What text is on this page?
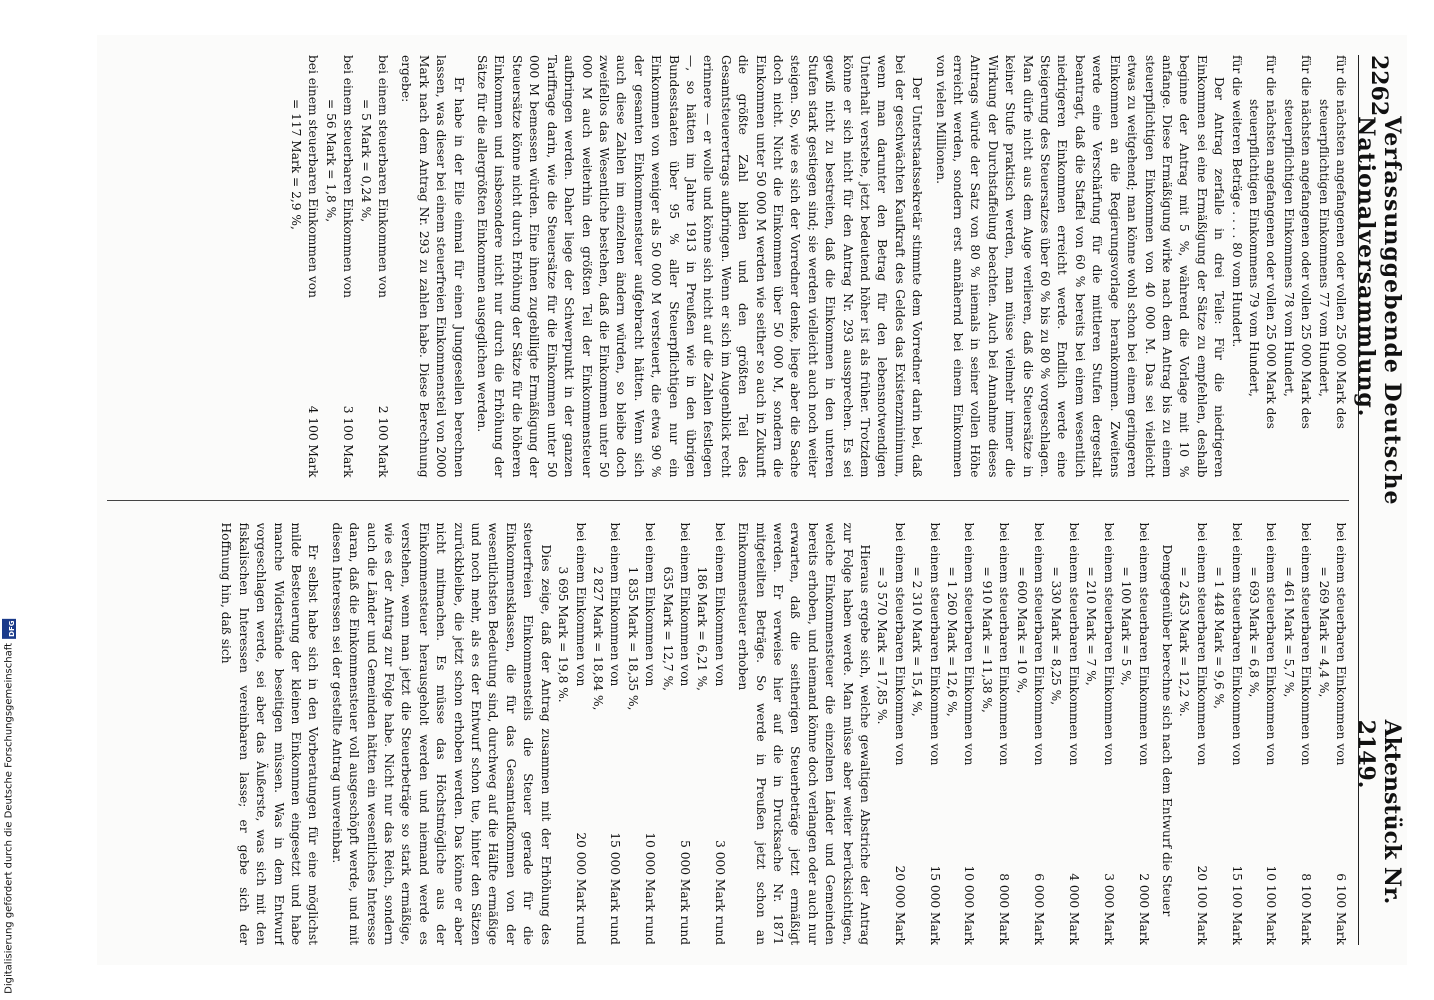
2262
Verfassunggebende Deutsche Nationalversammlung.
Aktenstück Nr. 2149.
für die nächsten angefangenen oder vollen 25 000 Mark des
steuerpflichtigen Einkommens 77 vom Hundert,
für die nächsten angefangenen oder vollen 25 000 Mark des
steuerpflichtigen Einkommens 78 vom Hundert,
für die nächsten angefangenen oder vollen 25 000 Mark des
steuerpflichtigen Einkommens 79 vom Hundert,
für die weiteren Beträge . . . . 80 vom Hundert.

Der Antrag zerfalle in drei Teile: Für die niedrigeren Einkommen sei eine Ermäßigung der Sätze zu empfehlen, deshalb beginne der Antrag mit 5 %, während die Vorlage mit 10 % anfange. Diese Ermäßigung wirke nach dem Antrag bis zu einem steuerpflichtigen Einkommen von 40 000 M. Das sei vielleicht etwas zu weitgehend; man könne wohl schon bei einem geringeren Einkommen an die Regierungsvorlage herankommen. Zweitens werde eine Verschärfung für die mittleren Stufen dergestalt beantragt, daß die Staffel von 60 % bereits bei einem wesentlich niedrigeren Einkommen erreicht werde. Endlich werde eine Steigerung des Steuersatzes über 60 % bis zu 80 % vorgeschlagen. Man dürfe nicht aus dem Auge verlieren, daß die Steuersätze in keiner Stufe praktisch werden, man müsse vielmehr immer die Wirkung der Durchstaffelung beachten. Auch bei Annahme dieses Antrags würde der Satz von 80 % niemals in seiner vollen Höhe erreicht werden, sondern erst annähernd bei einem Einkommen von vielen Millionen.

Der Unterstaatssekretär stimmte dem Vorredner darin bei, daß bei der geschwächten Kaufkraft des Geldes das Existenzminimum, wenn man darunter den Betrag für den lebensnotwendigen Unterhalt verstehe, jetzt bedeutend höher ist als früher. Trotzdem könne er sich nicht für den Antrag Nr. 293 aussprechen. Es sei gewiß nicht zu bestreiten, daß die Einkommen in den unteren Stufen stark gestiegen sind; sie werden vielleicht auch noch weiter steigen. So, wie es sich der Vorredner denke, liege aber die Sache doch nicht. Nicht die Einkommen über 50 000 M, sondern die Einkommen unter 50 000 M werden wie seither so auch in Zukunft die größte Zahl bilden und den größten Teil des Gesamtsteuerertrags aufbringen. Wenn er sich im Augenblick recht erinnere — er wolle und könne sich nicht auf die Zahlen festlegen —, so hätten im Jahre 1913 in Preußen wie in den übrigen Bundesstaaten über 95 % aller Steuerpflichtigen nur ein Einkommen von weniger als 50 000 M versteuert, die etwa 90 % der gesamten Einkommensteuer aufgebracht hätten. Wenn sich auch diese Zahlen im einzelnen ändern würden, so bleibe doch zweifellos das Wesentliche bestehen, daß die Einkommen unter 50 000 M auch weiterhin den größten Teil der Einkommensteuer aufbringen werden. Daher liege der Schwerpunkt in der ganzen Tariffrage darin, wie die Steuersätze für die Einkommen unter 50 000 M bemessen würden. Eine ihnen zugebilligte Ermäßigung der Steuersätze könne nicht durch Erhöhung der Sätze für die höheren Einkommen und insbesondere nicht nur durch die Erhöhung der Sätze für die allergrößten Einkommen ausgeglichen werden.

Er habe in der Eile einmal für einen Junggesellen berechnen lassen, was dieser bei einem steuerfreien Einkommensteil von 2000 Mark nach dem Antrag Nr. 293 zu zahlen habe. Diese Berechnung ergebe:

bei einem steuerbaren Einkommen von
2 100 Mark
= 5 Mark = 0,24 %,
bei einem steuerbaren Einkommen von
3 100 Mark
= 56 Mark = 1,8 %,
bei einem steuerbaren Einkommen von
4 100 Mark
= 117 Mark = 2,9 %,
bei einem steuerbaren Einkommen von
6 100 Mark
= 269 Mark = 4,4 %,
bei einem steuerbaren Einkommen von
8 100 Mark
= 461 Mark = 5,7 %,
bei einem steuerbaren Einkommen von
10 100 Mark
= 693 Mark = 6,8 %,
bei einem steuerbaren Einkommen von
15 100 Mark
= 1 448 Mark = 9,6 %,
bei einem steuerbaren Einkommen von
20 100 Mark
= 2 453 Mark = 12,2 %.

Demgegenüber berechne sich nach dem Entwurf die Steuer

bei einem steuerbaren Einkommen von
2 000 Mark
= 100 Mark = 5 %,
bei einem steuerbaren Einkommen von
3 000 Mark
= 210 Mark = 7 %,
bei einem steuerbaren Einkommen von
4 000 Mark
= 330 Mark = 8,25 %,
bei einem steuerbaren Einkommen von
6 000 Mark
= 600 Mark = 10 %,
bei einem steuerbaren Einkommen von
8 000 Mark
= 910 Mark = 11,38 %,
bei einem steuerbaren Einkommen von
10 000 Mark
= 1 260 Mark = 12,6 %,
bei einem steuerbaren Einkommen von
15 000 Mark
= 2 310 Mark = 15,4 %,
bei einem steuerbaren Einkommen von
20 000 Mark
= 3 570 Mark = 17,85 %.

Hieraus ergebe sich, welche gewaltigen Abstriche der Antrag zur Folge haben werde. Man müsse aber weiter berücksichtigen, welche Einkommensteuer die einzelnen Länder und Gemeinden bereits erhoben, und niemand könne doch verlangen oder auch nur erwarten, daß die seitherigen Steuerbeträge jetzt ermäßigt werden. Er verweise hier auf die in Drucksache Nr. 1871 mitgeteilten Beträge. So werde in Preußen jetzt schon an Einkommensteuer erhoben

bei einem Einkommen von
3 000 Mark rund
186 Mark = 6,21 %,
bei einem Einkommen von
5 000 Mark rund
635 Mark = 12,7 %,
bei einem Einkommen von
10 000 Mark rund
1 835 Mark = 18,35 %,
bei einem Einkommen von
15 000 Mark rund
2 827 Mark = 18,84 %,
bei einem Einkommen von
20 000 Mark rund
3 695 Mark = 19,8 %.

Dies zeige, daß der Antrag zusammen mit der Erhöhung des steuerfreien Einkommensteils die Steuer gerade für die Einkommensklassen, die für das Gesamtaufkommen von der wesentlichsten Bedeutung sind, durchweg auf die Hälfte ermäßige und noch mehr, als es der Entwurf schon tue, hinter den Sätzen zurückbleibe, die jetzt schon erhoben werden. Das könne er aber nicht mitmachen. Es müsse das Höchstmögliche aus der Einkommensteuer herausgeholt werden und niemand werde es verstehen, wenn man jetzt die Steuerbeträge so stark ermäßige, wie es der Antrag zur Folge habe. Nicht nur das Reich, sondern auch die Länder und Gemeinden hätten ein wesentliches Interesse daran, daß die Einkommensteuer voll ausgeschöpft werde, und mit diesen Interessen sei der gestellte Antrag unvereinbar.

Er selbst habe sich in den Vorberatungen für eine möglichst milde Besteuerung der kleinen Einkommen eingesetzt und habe manche Widerstände beseitigen müssen. Was in dem Entwurf vorgeschlagen werde, sei aber das Äußerste, was sich mit den fiskalischen Interessen vereinbaren lasse; er gebe sich der Hoffnung hin, daß sich

Digitalisierung gefördert durch die Deutsche Forschungsgemeinschaft
DFG
